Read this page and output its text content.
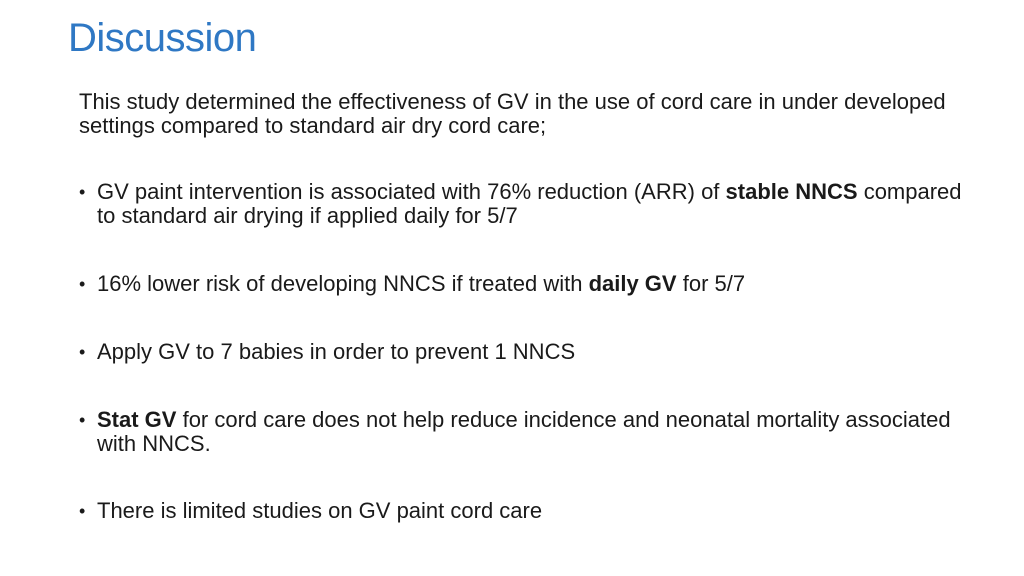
Discussion
This study determined the effectiveness of GV in the use of cord care in under developed settings compared to standard air dry cord care;
• GV paint intervention is associated with 76% reduction (ARR) of stable NNCS compared to standard air drying if applied daily for 5/7
• 16% lower risk of developing NNCS if treated with daily GV for 5/7
• Apply GV to 7 babies in order to prevent 1 NNCS
• Stat GV for cord care does not help reduce incidence and neonatal mortality associated with NNCS.
• There is limited studies on GV paint cord care
